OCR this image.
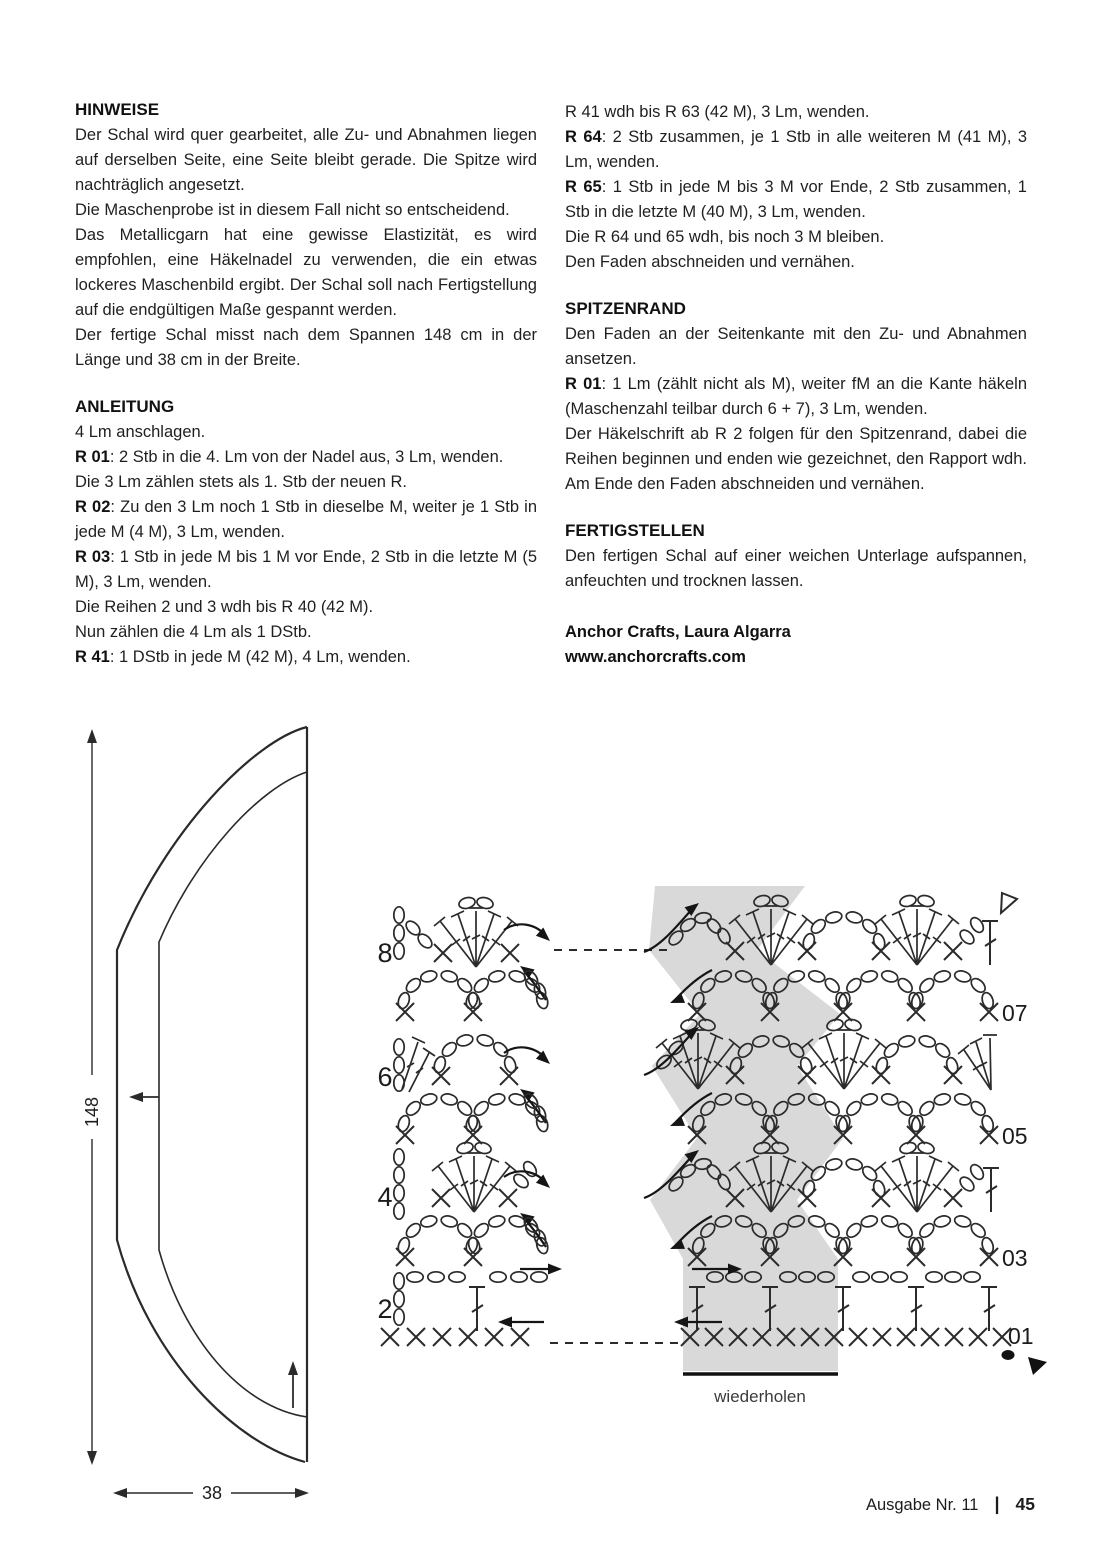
HINWEISE

Der Schal wird quer gearbeitet, alle Zu- und Abnahmen liegen auf derselben Seite, eine Seite bleibt gerade. Die Spitze wird nachträglich angesetzt.

Die Maschenprobe ist in diesem Fall nicht so entscheidend.

Das Metallicgarn hat eine gewisse Elastizität, es wird empfohlen, eine Häkelnadel zu verwenden, die ein etwas lockeres Maschenbild ergibt. Der Schal soll nach Fertigstellung auf die endgültigen Maße gespannt werden.

Der fertige Schal misst nach dem Spannen 148 cm in der Länge und 38 cm in der Breite.

ANLEITUNG

4 Lm anschlagen.

R 01: 2 Stb in die 4. Lm von der Nadel aus, 3 Lm, wenden.

Die 3 Lm zählen stets als 1. Stb der neuen R.

R 02: Zu den 3 Lm noch 1 Stb in dieselbe M, weiter je 1 Stb in jede M (4 M), 3 Lm, wenden.

R 03: 1 Stb in jede M bis 1 M vor Ende, 2 Stb in die letzte M (5 M), 3 Lm, wenden.

Die Reihen 2 und 3 wdh bis R 40 (42 M).

Nun zählen die 4 Lm als 1 DStb.

R 41: 1 DStb in jede M (42 M), 4 Lm, wenden.

R 41 wdh bis R 63 (42 M), 3 Lm, wenden.

R 64: 2 Stb zusammen, je 1 Stb in alle weiteren M (41 M), 3 Lm, wenden.

R 65: 1 Stb in jede M bis 3 M vor Ende, 2 Stb zusammen, 1 Stb in die letzte M (40 M), 3 Lm, wenden.

Die R 64 und 65 wdh, bis noch 3 M bleiben.

Den Faden abschneiden und vernähen.

SPITZENRAND

Den Faden an der Seitenkante mit den Zu- und Abnahmen ansetzen.

R 01: 1 Lm (zählt nicht als M), weiter fM an die Kante häkeln (Maschenzahl teilbar durch 6 + 7), 3 Lm, wenden.

Der Häkelschrift ab R 2 folgen für den Spitzenrand, dabei die Reihen beginnen und enden wie gezeichnet, den Rapport wdh. Am Ende den Faden abschneiden und vernähen.

FERTIGSTELLEN

Den fertigen Schal auf einer weichen Unterlage aufspannen, anfeuchten und trocknen lassen.

Anchor Crafts, Laura Algarra

www.anchorcrafts.com

148
38
8
6
4
2
07
05
03
01
wiederholen
Ausgabe Nr. 11 | 45
